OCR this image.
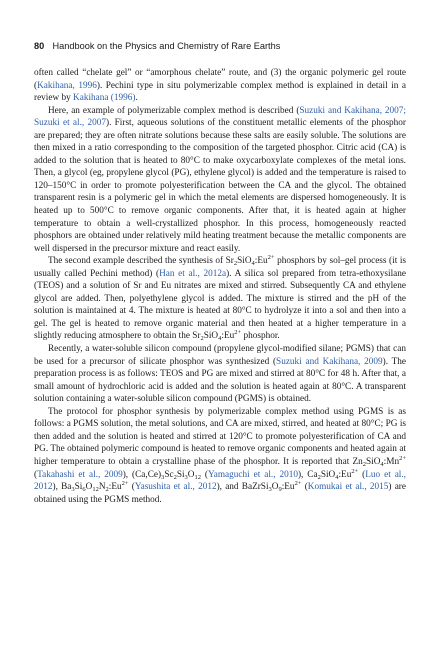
80 Handbook on the Physics and Chemistry of Rare Earths

often called “chelate gel” or “amorphous chelate” route, and (3) the organic polymeric gel route (Kakihana, 1996). Pechini type in situ polymerizable complex method is explained in detail in a review by Kakihana (1996).

Here, an example of polymerizable complex method is described (Suzuki and Kakihana, 2007; Suzuki et al., 2007). First, aqueous solutions of the constituent metallic elements of the phosphor are prepared; they are often nitrate solutions because these salts are easily soluble. The solutions are then mixed in a ratio corresponding to the composition of the targeted phosphor. Citric acid (CA) is added to the solution that is heated to 80°C to make oxycarboxylate complexes of the metal ions. Then, a glycol (eg, propylene glycol (PG), ethylene glycol) is added and the temperature is raised to 120–150°C in order to promote polyesterification between the CA and the glycol. The obtained transparent resin is a polymeric gel in which the metal elements are dispersed homogeneously. It is heated up to 500°C to remove organic components. After that, it is heated again at higher temperature to obtain a well-crystallized phosphor. In this process, homogeneously reacted phosphors are obtained under relatively mild heating treatment because the metallic components are well dispersed in the precursor mixture and react easily.

The second example described the synthesis of $Sr_2SiO_4:Eu^{2+}$ phosphors by sol–gel process (it is usually called Pechini method) (Han et al., 2012a). A silica sol prepared from tetra-ethoxysilane (TEOS) and a solution of Sr and Eu nitrates are mixed and stirred. Subsequently CA and ethylene glycol are added. Then, polyethylene glycol is added. The mixture is stirred and the pH of the solution is maintained at 4. The mixture is heated at 80°C to hydrolyze it into a sol and then into a gel. The gel is heated to remove organic material and then heated at a higher temperature in a slightly reducing atmosphere to obtain the $Sr_2SiO_4:Eu^{2+}$ phosphor.

Recently, a water-soluble silicon compound (propylene glycol-modified silane; PGMS) that can be used for a precursor of silicate phosphor was synthesized (Suzuki and Kakihana, 2009). The preparation process is as follows: TEOS and PG are mixed and stirred at 80°C for 48 h. After that, a small amount of hydrochloric acid is added and the solution is heated again at 80°C. A transparent solution containing a water-soluble silicon compound (PGMS) is obtained.

The protocol for phosphor synthesis by polymerizable complex method using PGMS is as follows: a PGMS solution, the metal solutions, and CA are mixed, stirred, and heated at 80°C; PG is then added and the solution is heated and stirred at 120°C to promote polyesterification of CA and PG. The obtained polymeric compound is heated to remove organic components and heated again at higher temperature to obtain a crystalline phase of the phosphor. It is reported that $Zn_2SiO_4:Mn^{2+}$ (Takahashi et al., 2009), $(Ca,Ce)_3Sc_2Si_3O_{12}$ (Yamaguchi et al., 2010), $Ca_2SiO_4:Eu^{2+}$ (Luo et al., 2012), $Ba_3Si_6O_{12}N_2:Eu^{2+}$ (Yasushita et al., 2012), and $BaZrSi_3O_9:Eu^{2+}$ (Komukai et al., 2015) are obtained using the PGMS method.
